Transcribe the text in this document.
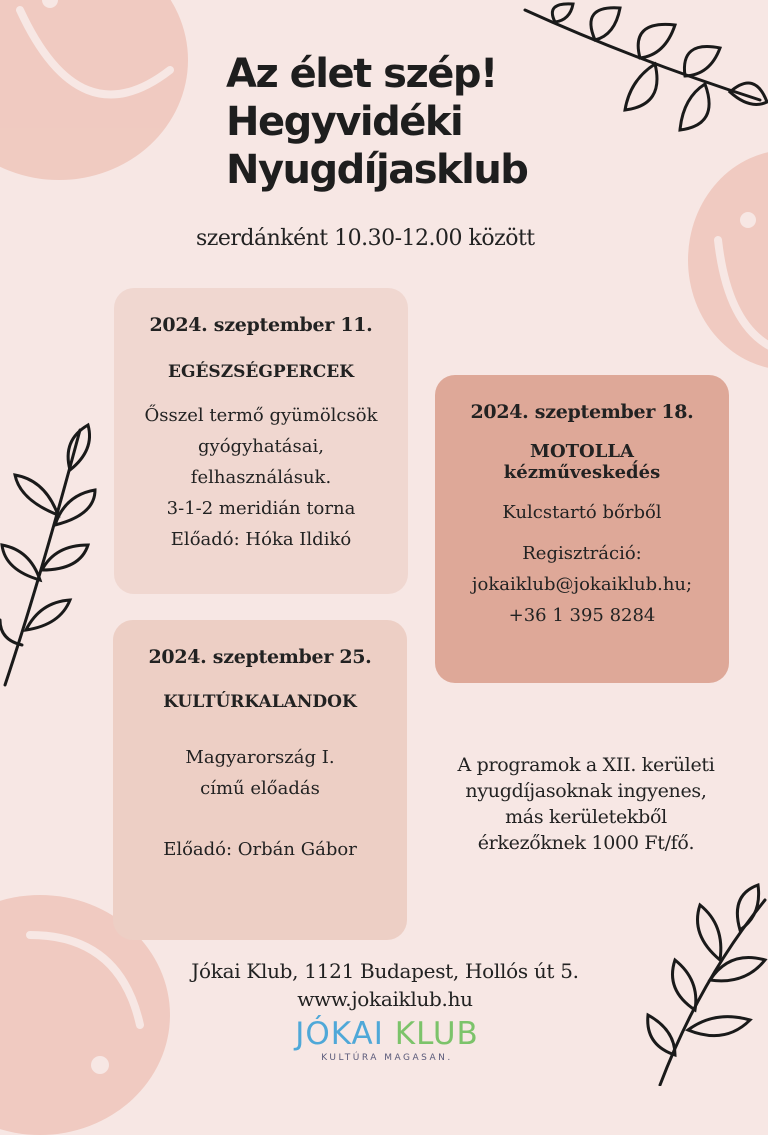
Az élet szép!
Hegyvidéki
Nyugdíjasklub
szerdánként 10.30-12.00 között
2024. szeptember 11.
EGÉSZSÉGPERCEK
Ősszel termő gyümölcsök
gyógyhatásai,
felhasználásuk.
3-1-2 meridián torna
Előadó: Hóka Ildikó
2024. szeptember 18.
MOTOLLA
kézművesked́és
Kulcstartó bőrből
Regisztráció:
jokaiklub@jokaiklub.hu;
+36 1 395 8284
2024. szeptember 25.
KULTÚRKALANDOK
Magyarország I.
című előadás
Előadó: Orbán Gábor
A programok a XII. kerületi
nyugdíjasoknak ingyenes,
más kerületekből
érkezőknek 1000 Ft/fő.
Jókai Klub, 1121 Budapest, Hollós út 5.
www.jokaiklub.hu
JÓKAI KLUB
KULTÚRA MAGASAN.
